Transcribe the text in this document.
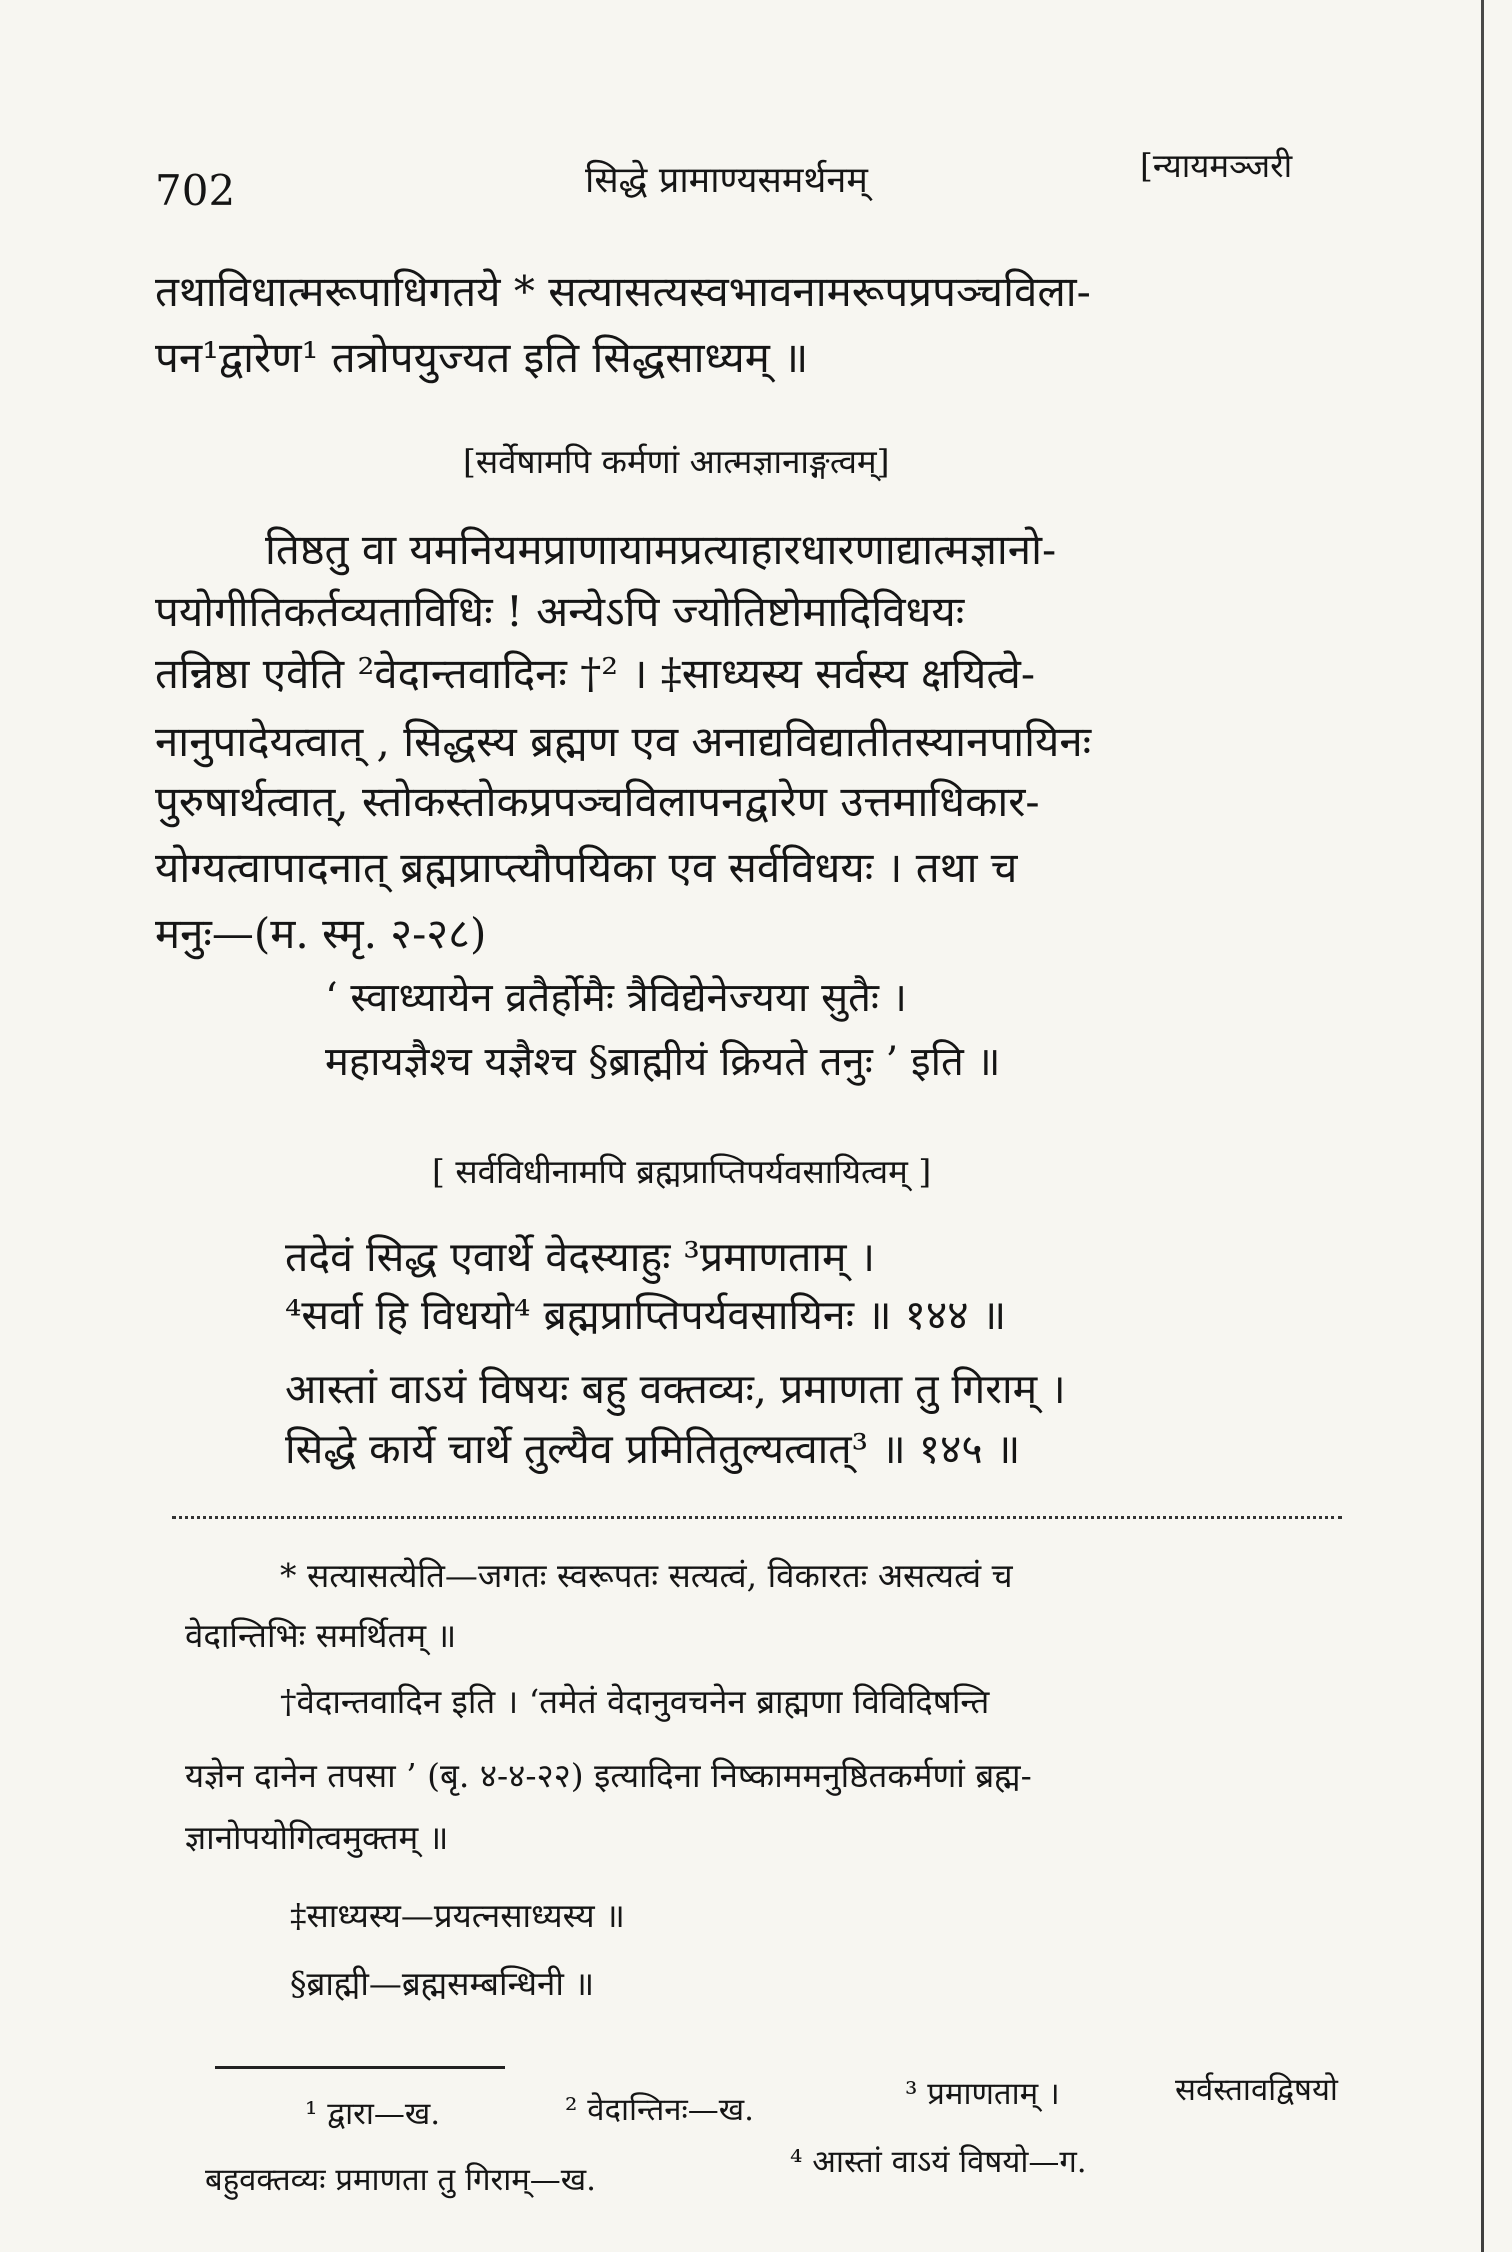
702	सिद्धे प्रामाण्यसमर्थनम्	[न्यायमञ्जरी
तथाविधात्मरूपाधिगतये * सत्यासत्यस्वभावनामरूपप्रपञ्चविला-
पन¹द्वारेण¹ तत्रोपयुज्यत इति सिद्धसाध्यम् ॥
[सर्वेषामपि कर्मणां आत्मज्ञानाङ्गत्वम्]
तिष्ठतु वा यमनियमप्राणायामप्रत्याहारधारणाद्यात्मज्ञानो-
पयोगीतिकर्तव्यताविधिः ! अन्येऽपि ज्योतिष्टोमादिविधयः
तन्निष्ठा एवेति ²वेदान्तवादिनः †² । ‡साध्यस्य सर्वस्य क्षयित्वे-
नानुपादेयत्वात् , सिद्धस्य ब्रह्मण एव अनाद्यविद्यातीतस्यानपायिनः
पुरुषार्थत्वात्, स्तोकस्तोकप्रपञ्चविलापनद्वारेण उत्तमाधिकार-
योग्यत्वापादनात् ब्रह्मप्राप्त्यौपयिका एव सर्वविधयः । तथा च
मनुः—(म. स्मृ. २-२८)
‘ स्वाध्यायेन व्रतैर्होमैः त्रैविद्येनेज्यया सुतैः ।
महायज्ञैश्च यज्ञैश्च §ब्राह्मीयं क्रियते तनुः ’ इति ॥
[ सर्वविधीनामपि ब्रह्मप्राप्तिपर्यवसायित्वम् ]
तदेवं सिद्ध एवार्थे वेदस्याहुः ³प्रमाणताम् ।
⁴सर्वा हि विधयो⁴ ब्रह्मप्राप्तिपर्यवसायिनः ॥ १४४ ॥
आस्तां वाऽयं विषयः बहु वक्तव्यः, प्रमाणता तु गिराम् ।
सिद्धे कार्ये चार्थे तुल्यैव प्रमितितुल्यत्वात्³ ॥ १४५ ॥
* सत्यासत्येति—जगतः स्वरूपतः सत्यत्वं, विकारतः असत्यत्वं च
वेदान्तिभिः समर्थितम् ॥
†वेदान्तवादिन इति । ‘तमेतं वेदानुवचनेन ब्राह्मणा विविदिषन्ति
यज्ञेन दानेन तपसा ’ (बृ. ४-४-२२) इत्यादिना निष्काममनुष्ठितकर्मणां ब्रह्म-
ज्ञानोपयोगित्वमुक्तम् ॥
‡साध्यस्य—प्रयत्नसाध्यस्य ॥
§ब्राह्मी—ब्रह्मसम्बन्धिनी ॥
¹ द्वारा—ख.	² वेदान्तिनः—ख.	³ प्रमाणताम् ।	सर्वस्तावद्विषयो
बहुवक्तव्यः प्रमाणता तु गिराम्—ख.	⁴ आस्तां वाऽयं विषयो—ग.
